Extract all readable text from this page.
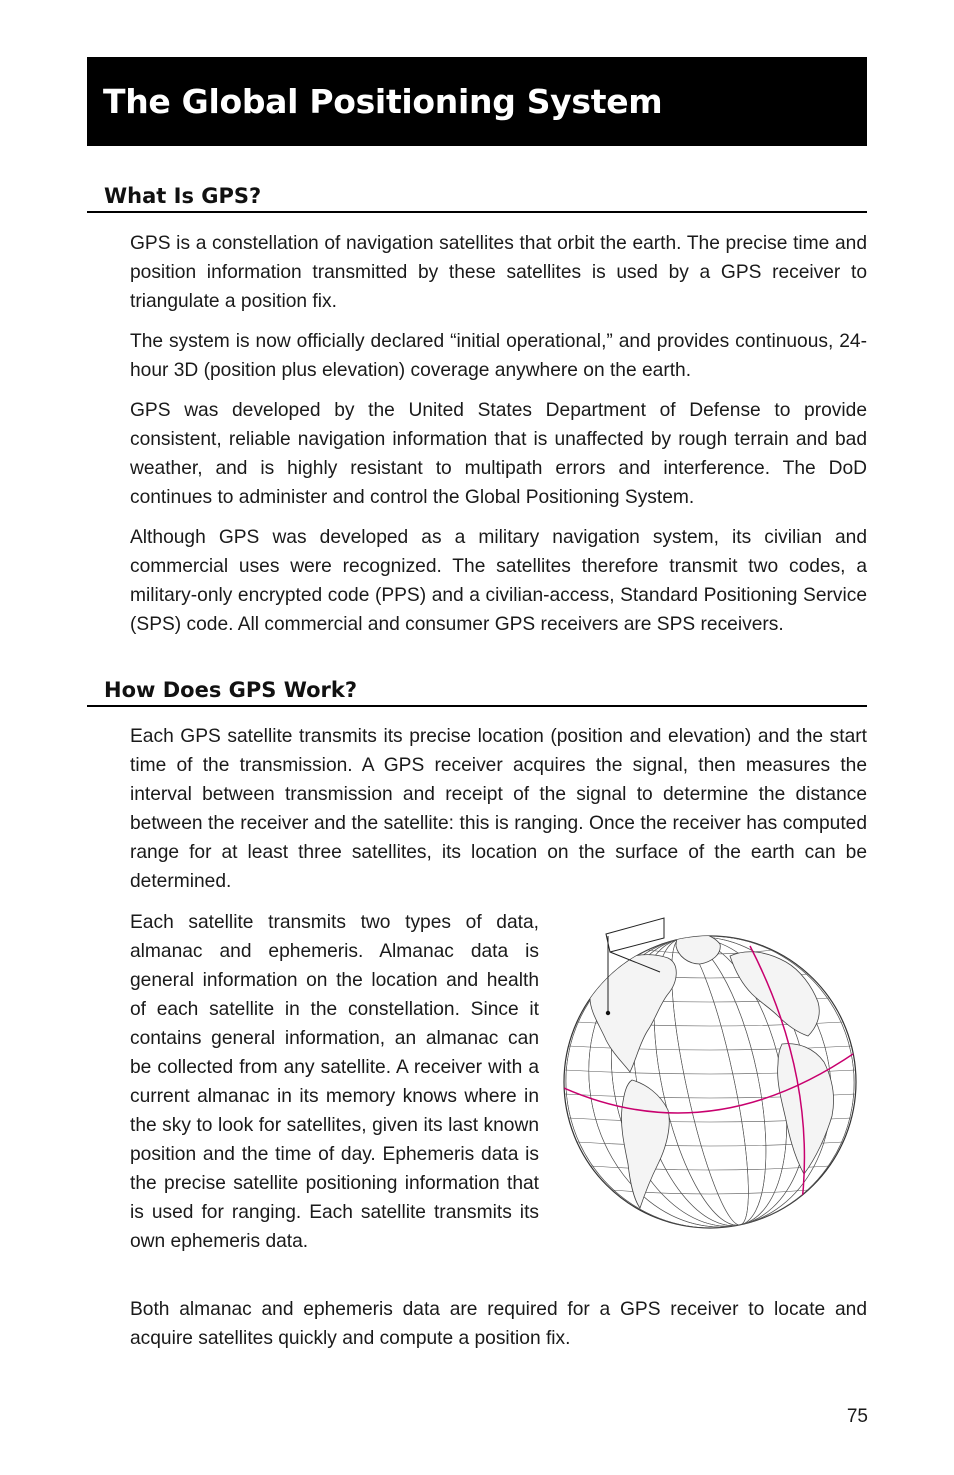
The Global Positioning System
What Is GPS?

GPS is a constellation of navigation satellites that orbit the earth. The precise time and position information transmitted by these satellites is used by a GPS receiver to triangulate a position fix.

The system is now officially declared “initial operational,” and provides continuous, 24-hour 3D (position plus elevation) coverage anywhere on the earth.

GPS was developed by the United States Department of Defense to provide consistent, reliable navigation information that is unaffected by rough terrain and bad weather, and is highly resistant to multipath errors and interference. The DoD continues to administer and control the Global Positioning System.

Although GPS was developed as a military navigation system, its civilian and commercial uses were recognized. The satellites therefore transmit two codes, a military-only encrypted code (PPS) and a civilian-access, Standard Positioning Service (SPS) code. All commercial and consumer GPS receivers are SPS receivers.

How Does GPS Work?

Each GPS satellite transmits its precise location (position and elevation) and the start time of the transmission. A GPS receiver acquires the signal, then measures the interval between transmission and receipt of the signal to determine the distance between the receiver and the satellite: this is ranging. Once the receiver has computed range for at least three satellites, its location on the surface of the earth can be determined.

Each satellite transmits two types of data, almanac and ephemeris. Almanac data is general information on the location and health of each satellite in the constellation. Since it contains general information, an almanac can be collected from any satellite. A receiver with a current almanac in its memory knows where in the sky to look for satellites, given its last known position and the time of day. Ephemeris data is the precise satellite positioning information that is used for ranging. Each satellite transmits its own ephemeris data.

Both almanac and ephemeris data are required for a GPS receiver to locate and acquire satellites quickly and compute a position fix.

75
